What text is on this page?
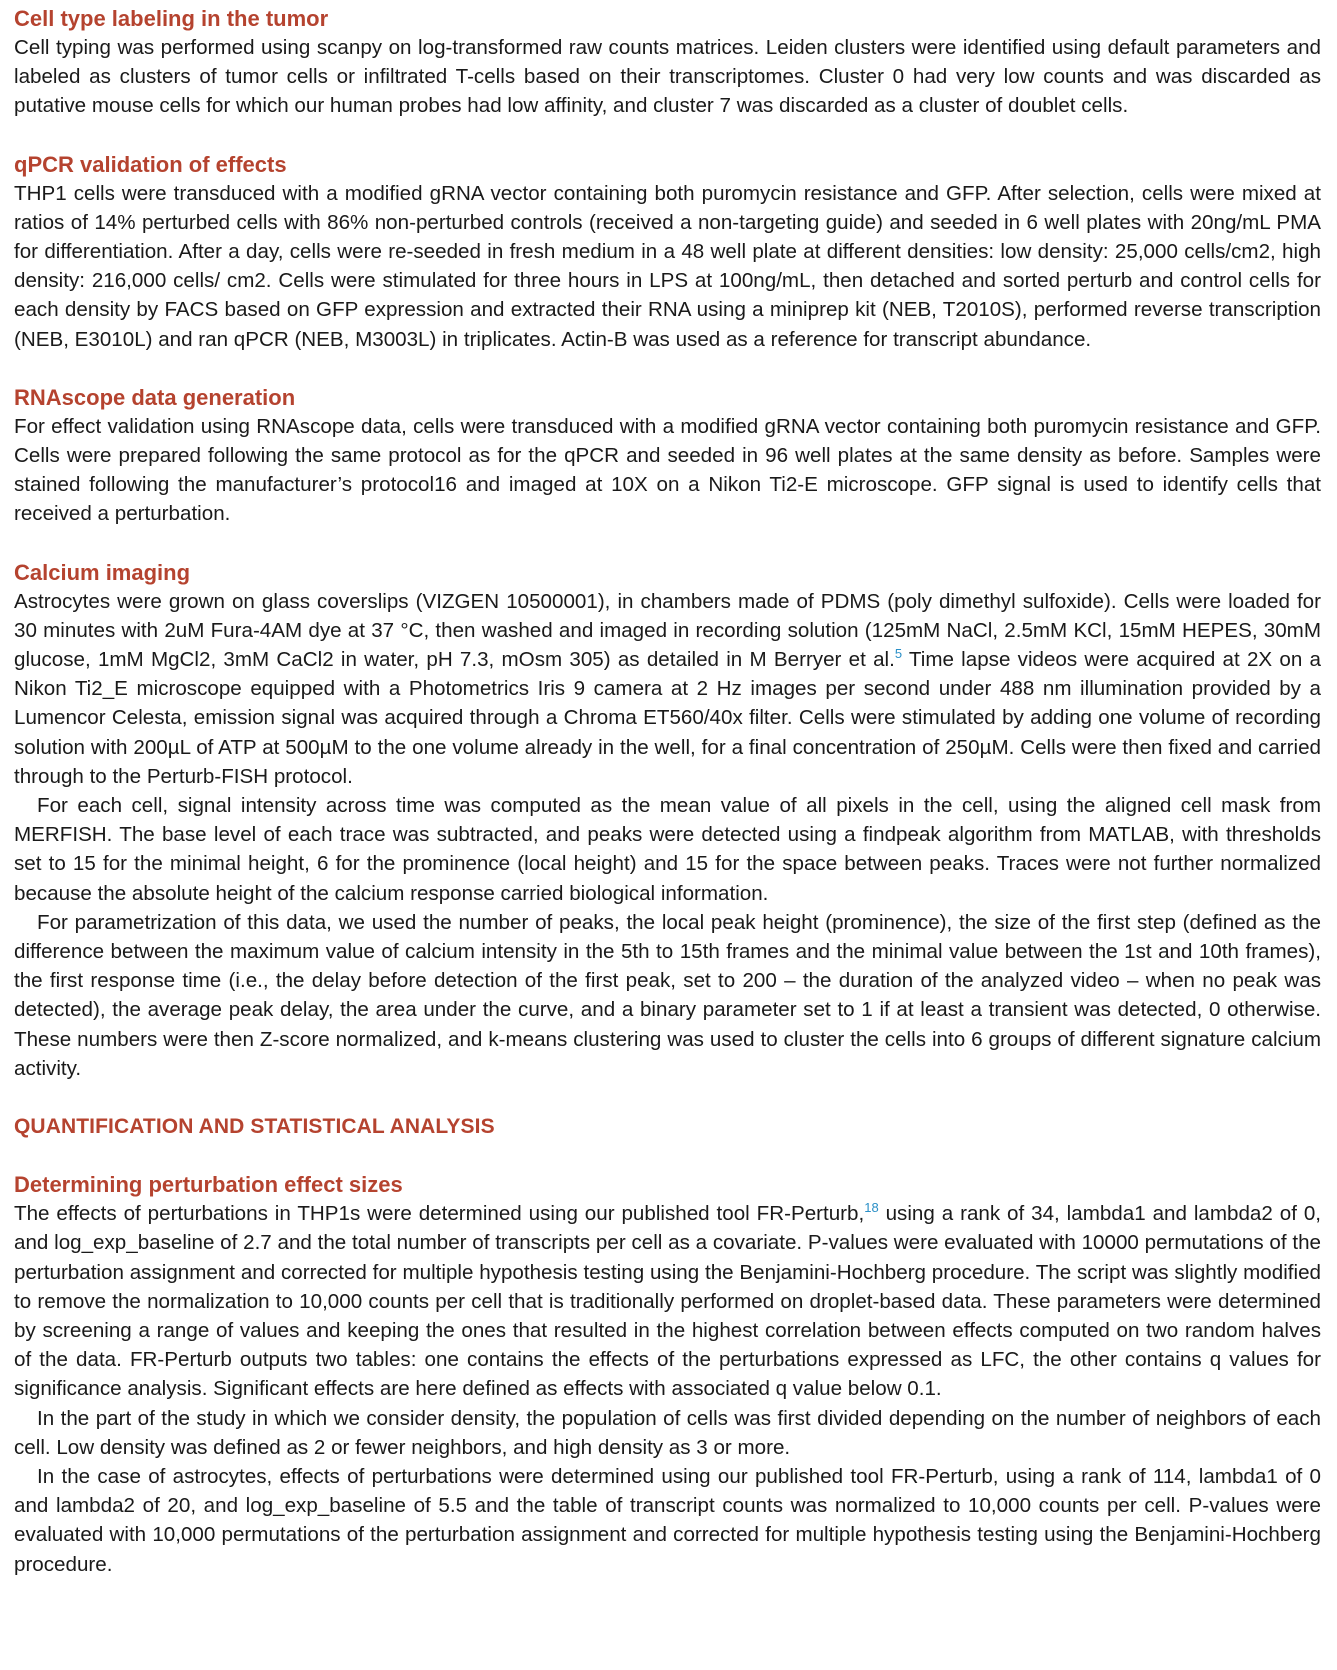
Cell type labeling in the tumor

Cell typing was performed using scanpy on log-transformed raw counts matrices. Leiden clusters were identified using default parameters and labeled as clusters of tumor cells or infiltrated T-cells based on their transcriptomes. Cluster 0 had very low counts and was discarded as putative mouse cells for which our human probes had low affinity, and cluster 7 was discarded as a cluster of doublet cells.

qPCR validation of effects

THP1 cells were transduced with a modified gRNA vector containing both puromycin resistance and GFP. After selection, cells were mixed at ratios of 14% perturbed cells with 86% non-perturbed controls (received a non-targeting guide) and seeded in 6 well plates with 20ng/mL PMA for differentiation. After a day, cells were re-seeded in fresh medium in a 48 well plate at different densities: low density: 25,000 cells/cm2, high density: 216,000 cells/ cm2. Cells were stimulated for three hours in LPS at 100ng/mL, then detached and sorted perturb and control cells for each density by FACS based on GFP expression and extracted their RNA using a miniprep kit (NEB, T2010S), performed reverse transcription (NEB, E3010L) and ran qPCR (NEB, M3003L) in triplicates. Actin-B was used as a reference for transcript abundance.

RNAscope data generation

For effect validation using RNAscope data, cells were transduced with a modified gRNA vector containing both puromycin resistance and GFP. Cells were prepared following the same protocol as for the qPCR and seeded in 96 well plates at the same density as before. Samples were stained following the manufacturer’s protocol16 and imaged at 10X on a Nikon Ti2-E microscope. GFP signal is used to identify cells that received a perturbation.

Calcium imaging

Astrocytes were grown on glass coverslips (VIZGEN 10500001), in chambers made of PDMS (poly dimethyl sulfoxide). Cells were loaded for 30 minutes with 2uM Fura-4AM dye at 37 °C, then washed and imaged in recording solution (125mM NaCl, 2.5mM KCl, 15mM HEPES, 30mM glucose, 1mM MgCl2, 3mM CaCl2 in water, pH 7.3, mOsm 305) as detailed in M Berryer et al.$^5$ Time lapse videos were acquired at 2X on a Nikon Ti2_E microscope equipped with a Photometrics Iris 9 camera at 2 Hz images per second under 488 nm illumination provided by a Lumencor Celesta, emission signal was acquired through a Chroma ET560/40x filter. Cells were stimulated by adding one volume of recording solution with 200µL of ATP at 500µM to the one volume already in the well, for a final concentration of 250µM. Cells were then fixed and carried through to the Perturb-FISH protocol.

For each cell, signal intensity across time was computed as the mean value of all pixels in the cell, using the aligned cell mask from MERFISH. The base level of each trace was subtracted, and peaks were detected using a findpeak algorithm from MATLAB, with thresholds set to 15 for the minimal height, 6 for the prominence (local height) and 15 for the space between peaks. Traces were not further normalized because the absolute height of the calcium response carried biological information.

For parametrization of this data, we used the number of peaks, the local peak height (prominence), the size of the first step (defined as the difference between the maximum value of calcium intensity in the 5th to 15th frames and the minimal value between the 1st and 10th frames), the first response time (i.e., the delay before detection of the first peak, set to 200 – the duration of the analyzed video – when no peak was detected), the average peak delay, the area under the curve, and a binary parameter set to 1 if at least a transient was detected, 0 otherwise. These numbers were then Z-score normalized, and k-means clustering was used to cluster the cells into 6 groups of different signature calcium activity.

QUANTIFICATION AND STATISTICAL ANALYSIS
Determining perturbation effect sizes

The effects of perturbations in THP1s were determined using our published tool FR-Perturb,$^{18}$ using a rank of 34, lambda1 and lambda2 of 0, and log_exp_baseline of 2.7 and the total number of transcripts per cell as a covariate. P-values were evaluated with 10000 permutations of the perturbation assignment and corrected for multiple hypothesis testing using the Benjamini-Hochberg procedure. The script was slightly modified to remove the normalization to 10,000 counts per cell that is traditionally performed on droplet-based data. These parameters were determined by screening a range of values and keeping the ones that resulted in the highest correlation between effects computed on two random halves of the data. FR-Perturb outputs two tables: one contains the effects of the perturbations expressed as LFC, the other contains q values for significance analysis. Significant effects are here defined as effects with associated q value below 0.1.

In the part of the study in which we consider density, the population of cells was first divided depending on the number of neighbors of each cell. Low density was defined as 2 or fewer neighbors, and high density as 3 or more.

In the case of astrocytes, effects of perturbations were determined using our published tool FR-Perturb, using a rank of 114, lambda1 of 0 and lambda2 of 20, and log_exp_baseline of 5.5 and the table of transcript counts was normalized to 10,000 counts per cell. P-values were evaluated with 10,000 permutations of the perturbation assignment and corrected for multiple hypothesis testing using the Benjamini-Hochberg procedure.
